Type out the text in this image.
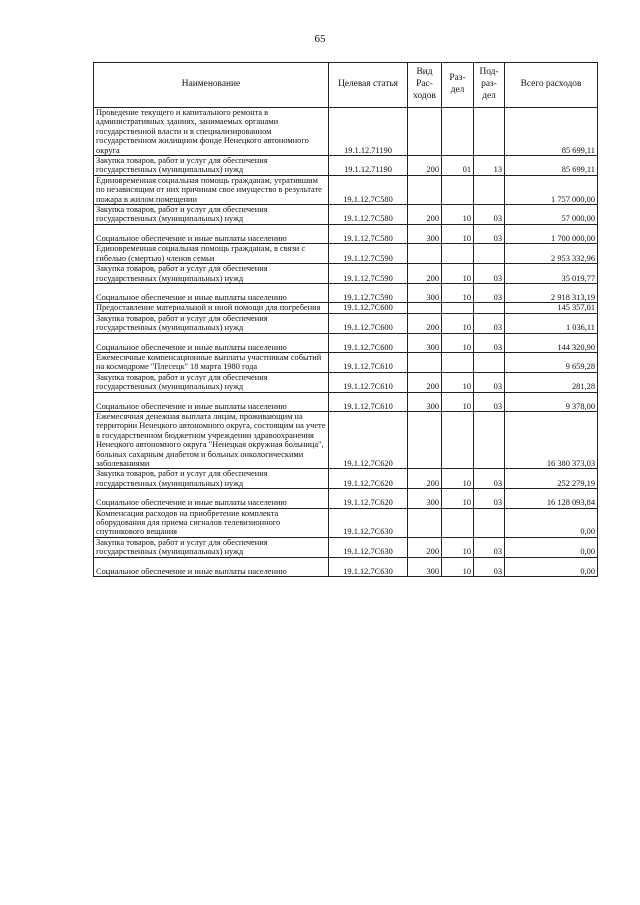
65
Наименование	Целевая статья	Вид Рас-ходов	Раз-дел	Под-раз-дел	Всего расходов
Проведение текущего и капитального ремонта в административных зданиях, занимаемых органами государственной власти и в специализированном государственном жилищном фонде Ненецкого автономного округа	19.1.12.71190				85 699,11
Закупка товаров, работ и услуг для обеспечения государственных (муниципальных) нужд	19.1.12.71190	200	01	13	85 699,11
Единовременная социальная помощь гражданам, утратившим по независящим от них причинам свое имущество в результате пожара в жилом помещении	19.1.12.7С580				1 757 000,00
Закупка товаров, работ и услуг для обеспечения государственных (муниципальных) нужд	19.1.12.7С580	200	10	03	57 000,00

Социальное обеспечение и иные выплаты населению	19.1.12.7С580	300	10	03	1 700 000,00
Единовременная социальная помощь гражданам, в связи с гибелью (смертью) членов семьи	19.1.12.7С590				2 953 332,96
Закупка товаров, работ и услуг для обеспечения государственных (муниципальных) нужд	19.1.12.7С590	200	10	03	35 019,77

Социальное обеспечение и иные выплаты населению	19.1.12.7С590	300	10	03	2 918 313,19
Предоставление материальной и иной помощи для погребения	19.1.12.7С600				145 357,01
Закупка товаров, работ и услуг для обеспечения государственных (муниципальных) нужд	19.1.12.7С600	200	10	03	1 036,11

Социальное обеспечение и иные выплаты населению	19.1.12.7С600	300	10	03	144 320,90
Ежемесячные компенсационные выплаты участникам событий на космодроме "Плесецк" 18 марта 1980 года	19.1.12.7С610				9 659,28
Закупка товаров, работ и услуг для обеспечения государственных (муниципальных) нужд	19.1.12.7С610	200	10	03	281,28

Социальное обеспечение и иные выплаты населению	19.1.12.7С610	300	10	03	9 378,00
Ежемесячная денежная выплата лицам, проживающим на территории Ненецкого автономного округа, состоящим на учете в государственном бюджетном учреждении здравоохранения Ненецкого автономного округа "Ненецкая окружная больница", больных сахарным диабетом и больных онкологическими заболеваниями	19.1.12.7С620				16 380 373,03
Закупка товаров, работ и услуг для обеспечения государственных (муниципальных) нужд	19.1.12.7С620	200	10	03	252 279,19

Социальное обеспечение и иные выплаты населению	19.1.12.7С620	300	10	03	16 128 093,84
Компенсация расходов на приобретение комплекта оборудования для приема сигналов телевизионного спутникового вещания	19.1.12.7С630				0,00
Закупка товаров, работ и услуг для обеспечения государственных (муниципальных) нужд	19.1.12.7С630	200	10	03	0,00

Социальное обеспечение и иные выплаты населению	19.1.12.7С630	300	10	03	0,00
